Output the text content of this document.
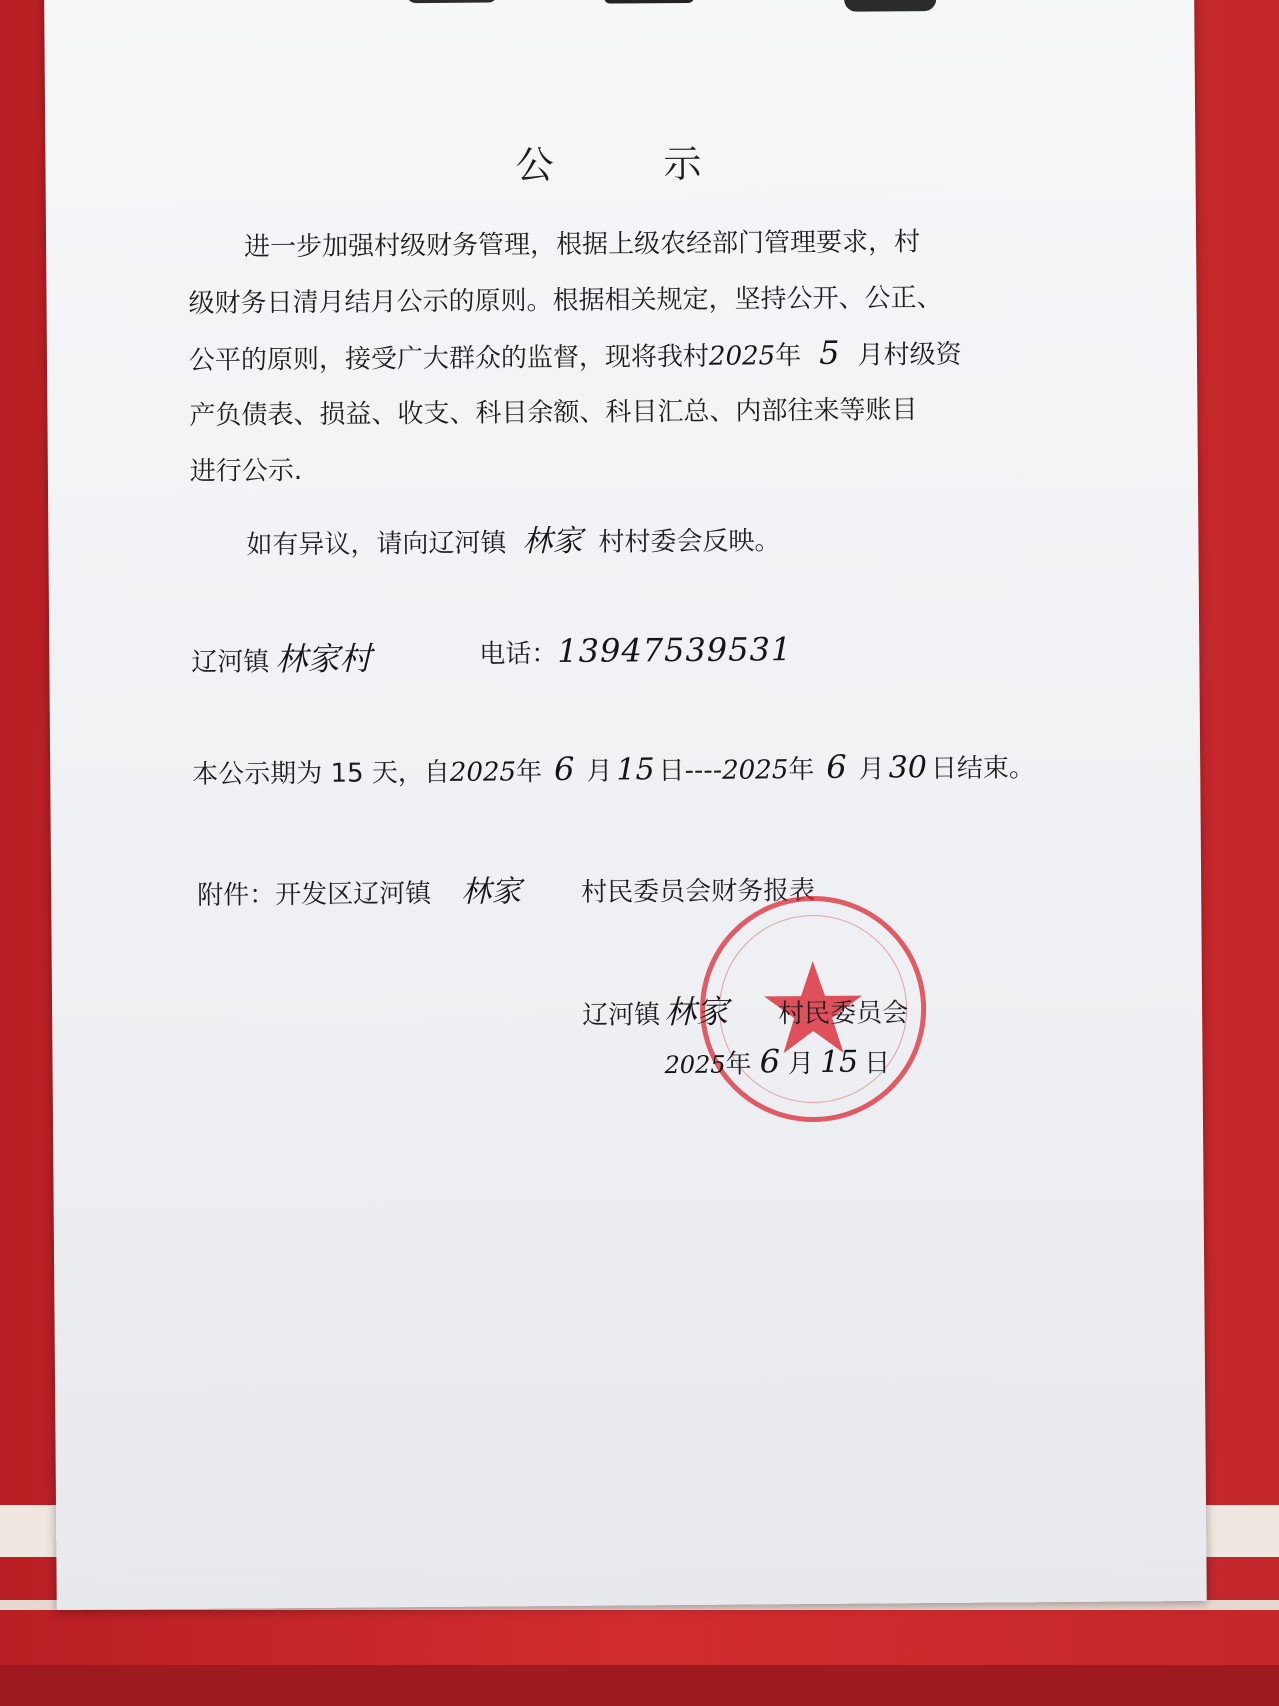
公示
进一步加强村级财务管理，根据上级农经部门管理要求，村
级财务日清月结月公示的原则。根据相关规定，坚持公开、公正、
公平的原则，接受广大群众的监督，现将我村2025年 5 月村级资
产负债表、损益、收支、科目余额、科目汇总、内部往来等账目
进行公示.
如有异议，请向辽河镇 林家 村村委会反映。
辽河镇 林家村	电话：13947539531
本公示期为 15 天，自2025年 6 月 15 日----2025年 6 月 30 日结束。
附件：开发区辽河镇 林家 村民委员会财务报表
辽河镇 林家 村民委员会
2025年 6 月 15 日
